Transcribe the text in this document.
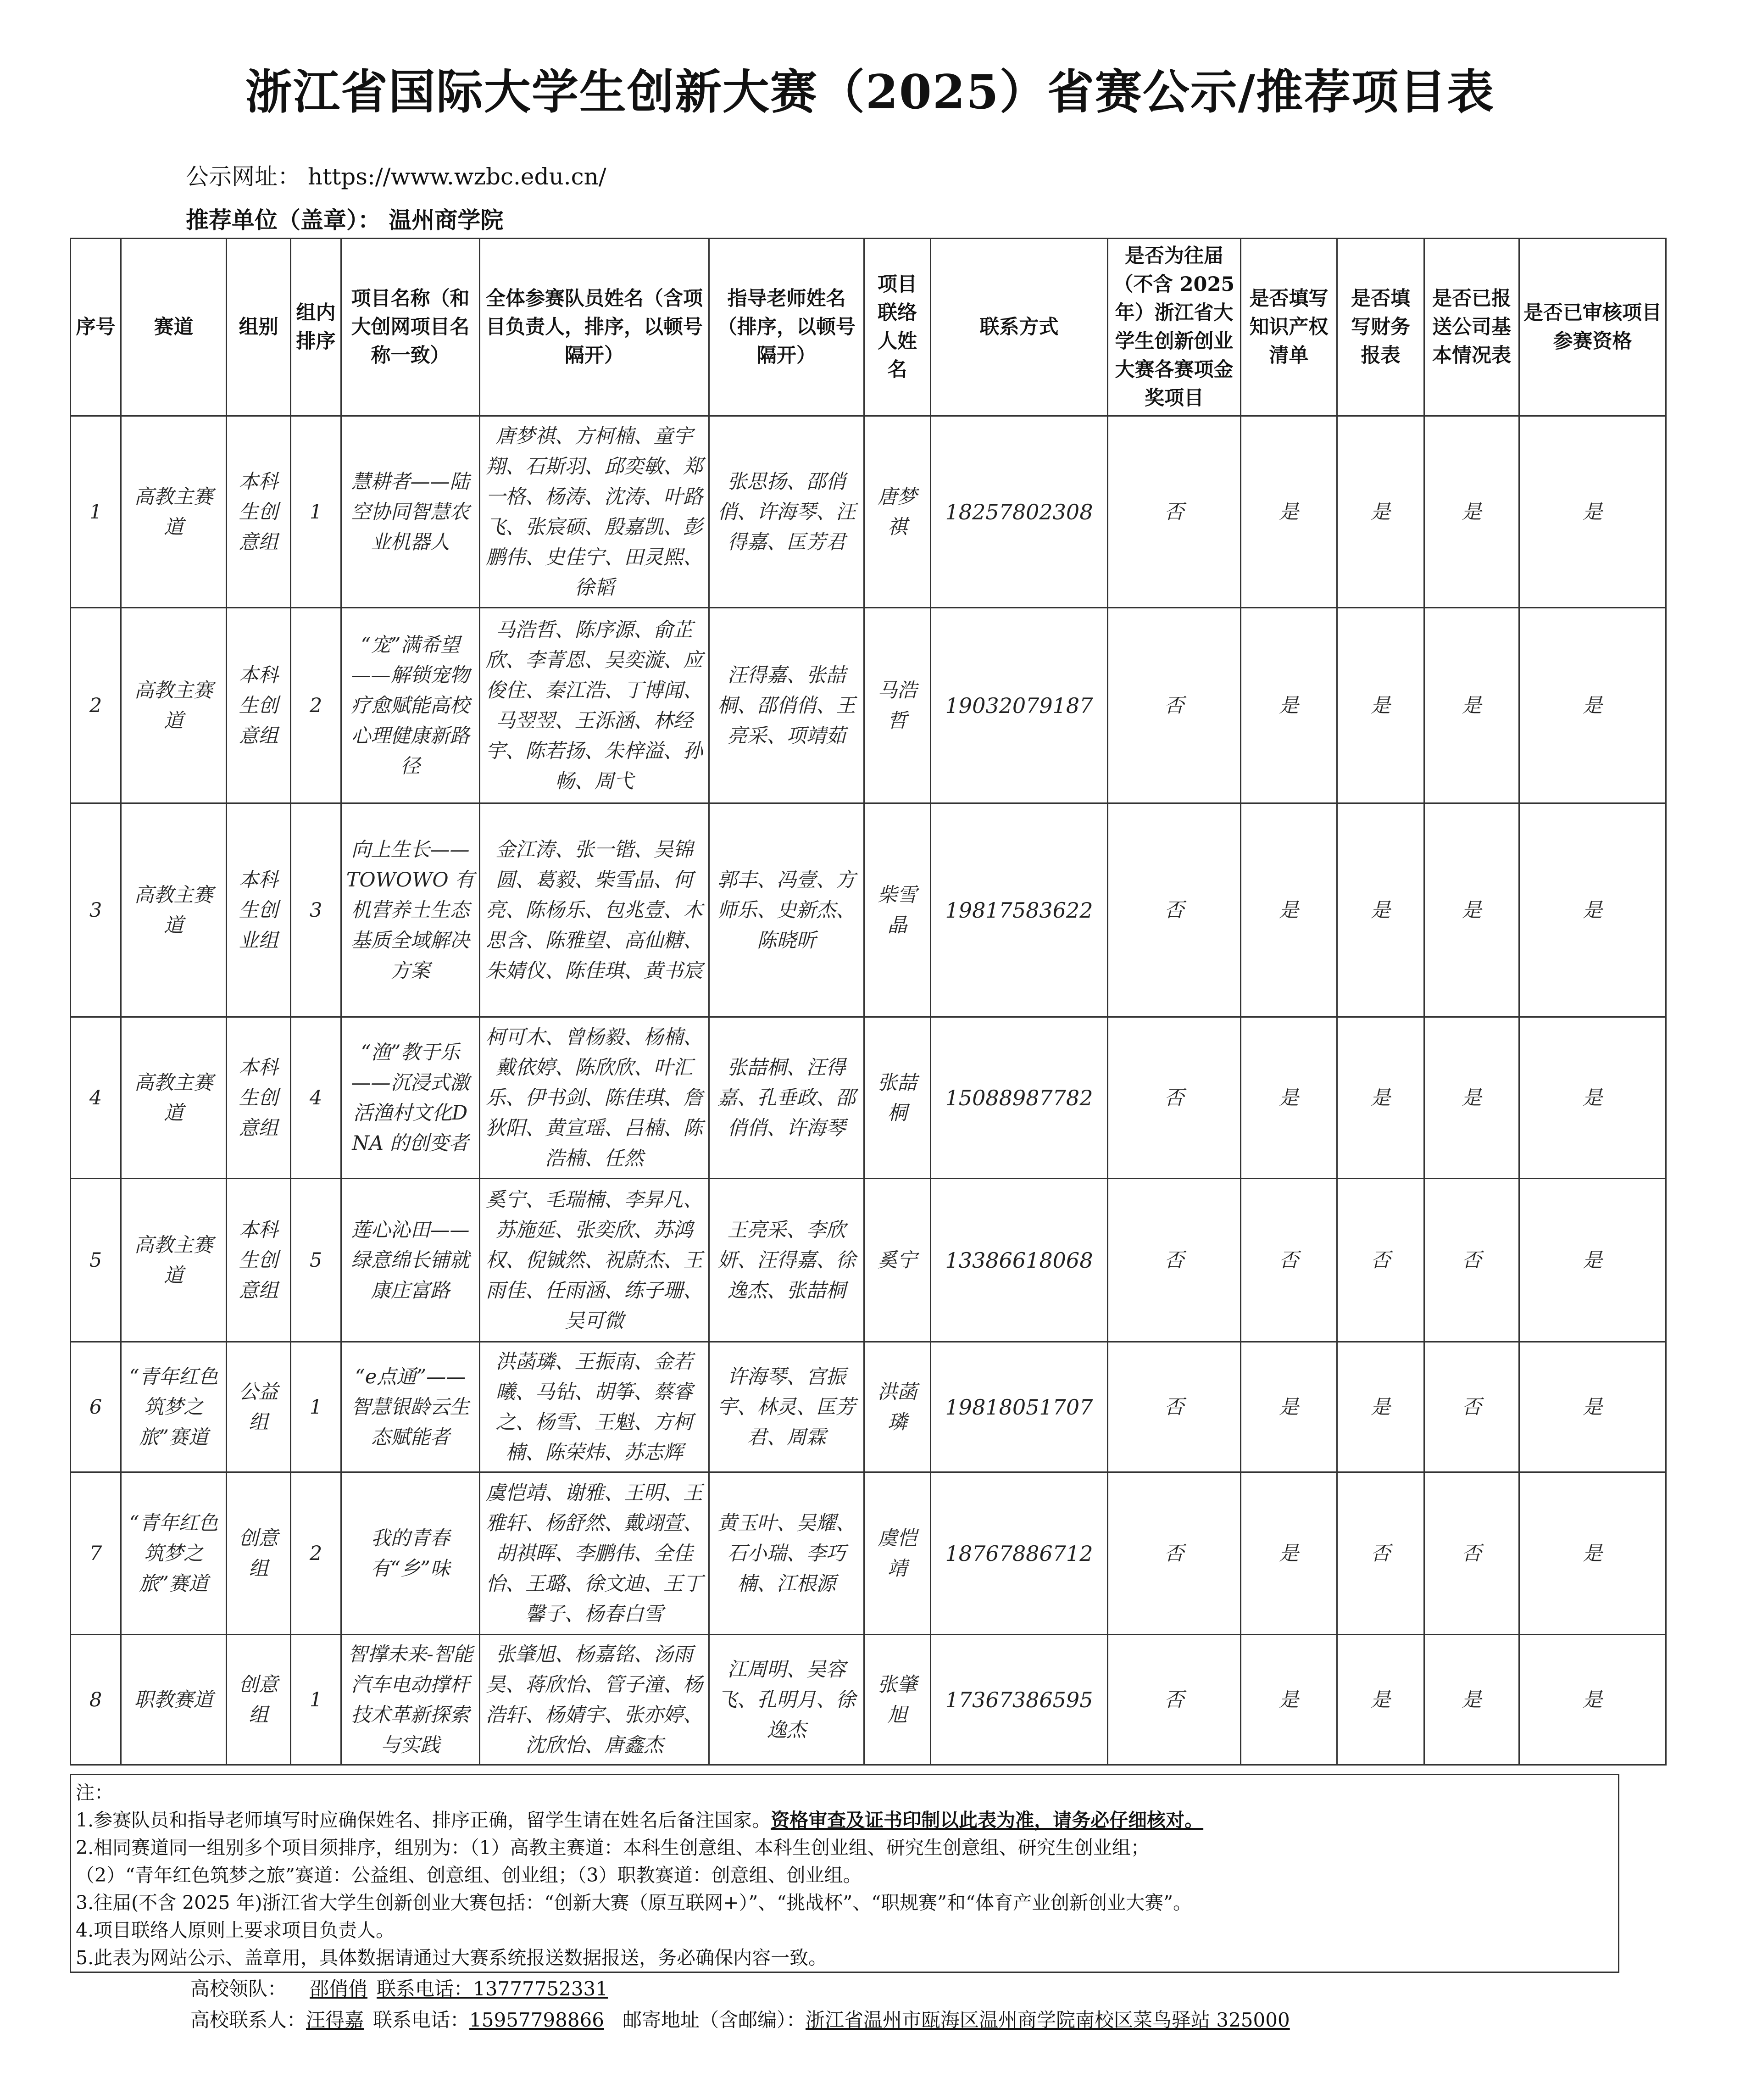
浙江省国际大学生创新大赛（2025）省赛公示/推荐项目表
公示网址： https://www.wzbc.edu.cn/
推荐单位（盖章）： 温州商学院
序号	赛道	组别	组内排序	项目名称（和大创网项目名称一致）	全体参赛队员姓名（含项目负责人，排序，以顿号隔开）	指导老师姓名（排序，以顿号隔开）	项目联络人姓名	联系方式	是否为往届（不含 2025 年）浙江省大学生创新创业大赛各赛项金奖项目	是否填写知识产权清单	是否填写财务报表	是否已报送公司基本情况表	是否已审核项目参赛资格
1	高教主赛道	本科生创意组	1	慧耕者——陆空协同智慧农业机器人	唐梦祺、方柯楠、童宇翔、石斯羽、邱奕敏、郑一格、杨涛、沈涛、叶路飞、张宸硕、殷嘉凯、彭鹏伟、史佳宁、田灵熙、徐韬	张思扬、邵俏俏、许海琴、汪得嘉、匡芳君	唐梦祺	18257802308	否	是	是	是	是
2	高教主赛道	本科生创意组	2	“宠”满希望——解锁宠物疗愈赋能高校心理健康新路径	马浩哲、陈序源、俞芷欣、李菁恩、吴奕漩、应俊住、秦江浩、丁博闻、马翌翌、王泺涵、林经宇、陈若扬、朱梓溢、孙畅、周弋	汪得嘉、张喆桐、邵俏俏、王亮采、项靖茹	马浩哲	19032079187	否	是	是	是	是
3	高教主赛道	本科生创业组	3	向上生长——TOWOWO 有机营养土生态基质全域解决方案	金江涛、张一锴、吴锦圆、葛毅、柴雪晶、何亮、陈杨乐、包兆壹、木思含、陈雅望、高仙糖、朱婧仪、陈佳琪、黄书宸	郭丰、冯壹、方师乐、史新杰、陈晓昕	柴雪晶	19817583622	否	是	是	是	是
4	高教主赛道	本科生创意组	4	“渔”教于乐——沉浸式激活渔村文化DNA 的创变者	柯可木、曾杨毅、杨楠、戴依婷、陈欣欣、叶汇乐、伊书剑、陈佳琪、詹狄阳、黄宣瑶、吕楠、陈浩楠、任然	张喆桐、汪得嘉、孔垂政、邵俏俏、许海琴	张喆桐	15088987782	否	是	是	是	是
5	高教主赛道	本科生创意组	5	莲心沁田——绿意绵长铺就康庄富路	奚宁、毛瑞楠、李昇凡、苏施延、张奕欣、苏鸿权、倪铖然、祝蔚杰、王雨佳、任雨涵、练子珊、吴可微	王亮采、李欣妍、汪得嘉、徐逸杰、张喆桐	奚宁	13386618068	否	否	否	否	是
6	“青年红色筑梦之旅”赛道	公益组	1	“e点通”——智慧银龄云生态赋能者	洪菡璘、王振南、金若曦、马钻、胡筝、蔡睿之、杨雪、王魁、方柯楠、陈荣炜、苏志辉	许海琴、宫振宇、林灵、匡芳君、周霖	洪菡璘	19818051707	否	是	是	否	是
7	“青年红色筑梦之旅”赛道	创意组	2	我的青春有“乡”味	虞恺靖、谢雅、王明、王雅轩、杨舒然、戴翊萱、胡祺晖、李鹏伟、全佳怡、王璐、徐文迪、王丁馨子、杨春白雪	黄玉叶、吴耀、石小瑞、李巧楠、江根源	虞恺靖	18767886712	否	是	否	否	是
8	职教赛道	创意组	1	智撑未来-智能汽车电动撑杆技术革新探索与实践	张肇旭、杨嘉铭、汤雨昊、蒋欣怡、管子潼、杨浩轩、杨婧宇、张亦婷、沈欣怡、唐鑫杰	江周明、吴容飞、孔明月、徐逸杰	张肇旭	17367386595	否	是	是	是	是
注：
1.参赛队员和指导老师填写时应确保姓名、排序正确，留学生请在姓名后备注国家。资格审查及证书印制以此表为准，请务必仔细核对。
2.相同赛道同一组别多个项目须排序，组别为：（1）高教主赛道：本科生创意组、本科生创业组、研究生创意组、研究生创业组；
（2）“青年红色筑梦之旅”赛道：公益组、创意组、创业组；（3）职教赛道：创意组、创业组。
3.往届(不含 2025 年)浙江省大学生创新创业大赛包括：“创新大赛（原互联网+）”、“挑战杯”、“职规赛”和“体育产业创新创业大赛”。
4.项目联络人原则上要求项目负责人。
5.此表为网站公示、盖章用，具体数据请通过大赛系统报送数据报送，务必确保内容一致。
高校领队： 邵俏俏 联系电话：13777752331
高校联系人：汪得嘉 联系电话：15957798866 邮寄地址（含邮编）：浙江省温州市瓯海区温州商学院南校区菜鸟驿站 325000
